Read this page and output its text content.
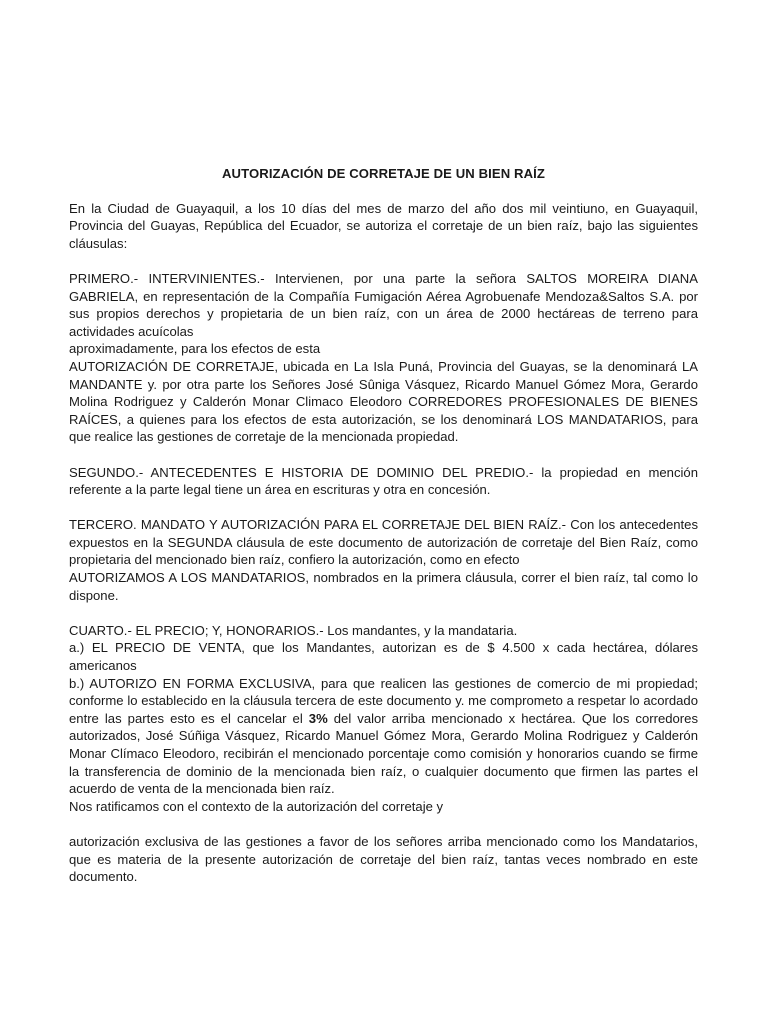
AUTORIZACIÓN DE CORRETAJE DE UN BIEN RAÍZ
En la Ciudad de Guayaquil, a los 10 días del mes de marzo del año dos mil veintiuno, en Guayaquil, Provincia del Guayas, República del Ecuador, se autoriza el corretaje de un bien raíz, bajo las siguientes cláusulas:
PRIMERO.- INTERVINIENTES.- Intervienen, por una parte la señora SALTOS MOREIRA DIANA GABRIELA, en representación de la Compañía Fumigación Aérea Agrobuenafe Mendoza&Saltos S.A. por sus propios derechos y propietaria de un bien raíz, con un área de 2000 hectáreas de terreno para actividades acuícolas
aproximadamente, para los efectos de esta
AUTORIZACIÓN DE CORRETAJE, ubicada en La Isla Puná, Provincia del Guayas, se la denominará LA MANDANTE y. por otra parte los Señores José Sûniga Vásquez, Ricardo Manuel Gómez Mora, Gerardo Molina Rodriguez y Calderón Monar Climaco Eleodoro CORREDORES PROFESIONALES DE BIENES RAÍCES, a quienes para los efectos de esta autorización, se los denominará LOS MANDATARIOS, para que realice las gestiones de corretaje de la mencionada propiedad.
SEGUNDO.- ANTECEDENTES E HISTORIA DE DOMINIO DEL PREDIO.- la propiedad en mención referente a la parte legal tiene un área en escrituras y otra en concesión.
TERCERO. MANDATO Y AUTORIZACIÓN PARA EL CORRETAJE DEL BIEN RAÍZ.- Con los antecedentes expuestos en la SEGUNDA cláusula de este documento de autorización de corretaje del Bien Raíz, como propietaria del mencionado bien raíz, confiero la autorización, como en efecto
AUTORIZAMOS A LOS MANDATARIOS, nombrados en la primera cláusula, correr el bien raíz, tal como lo dispone.
CUARTO.- EL PRECIO; Y, HONORARIOS.- Los mandantes, y la mandataria.
a.) EL PRECIO DE VENTA, que los Mandantes, autorizan es de $ 4.500 x cada hectárea, dólares americanos
b.) AUTORIZO EN FORMA EXCLUSIVA, para que realicen las gestiones de comercio de mi propiedad; conforme lo establecido en la cláusula tercera de este documento y. me comprometo a respetar lo acordado entre las partes esto es el cancelar el 3% del valor arriba mencionado x hectárea. Que los corredores autorizados, José Súñiga Vásquez, Ricardo Manuel Gómez Mora, Gerardo Molina Rodriguez y Calderón Monar Clímaco Eleodoro, recibirán el mencionado porcentaje como comisión y honorarios cuando se firme la transferencia de dominio de la mencionada bien raíz, o cualquier documento que firmen las partes el acuerdo de venta de la mencionada bien raíz.
Nos ratificamos con el contexto de la autorización del corretaje y
autorización exclusiva de las gestiones a favor de los señores arriba mencionado como los Mandatarios, que es materia de la presente autorización de corretaje del bien raíz, tantas veces nombrado en este documento.
